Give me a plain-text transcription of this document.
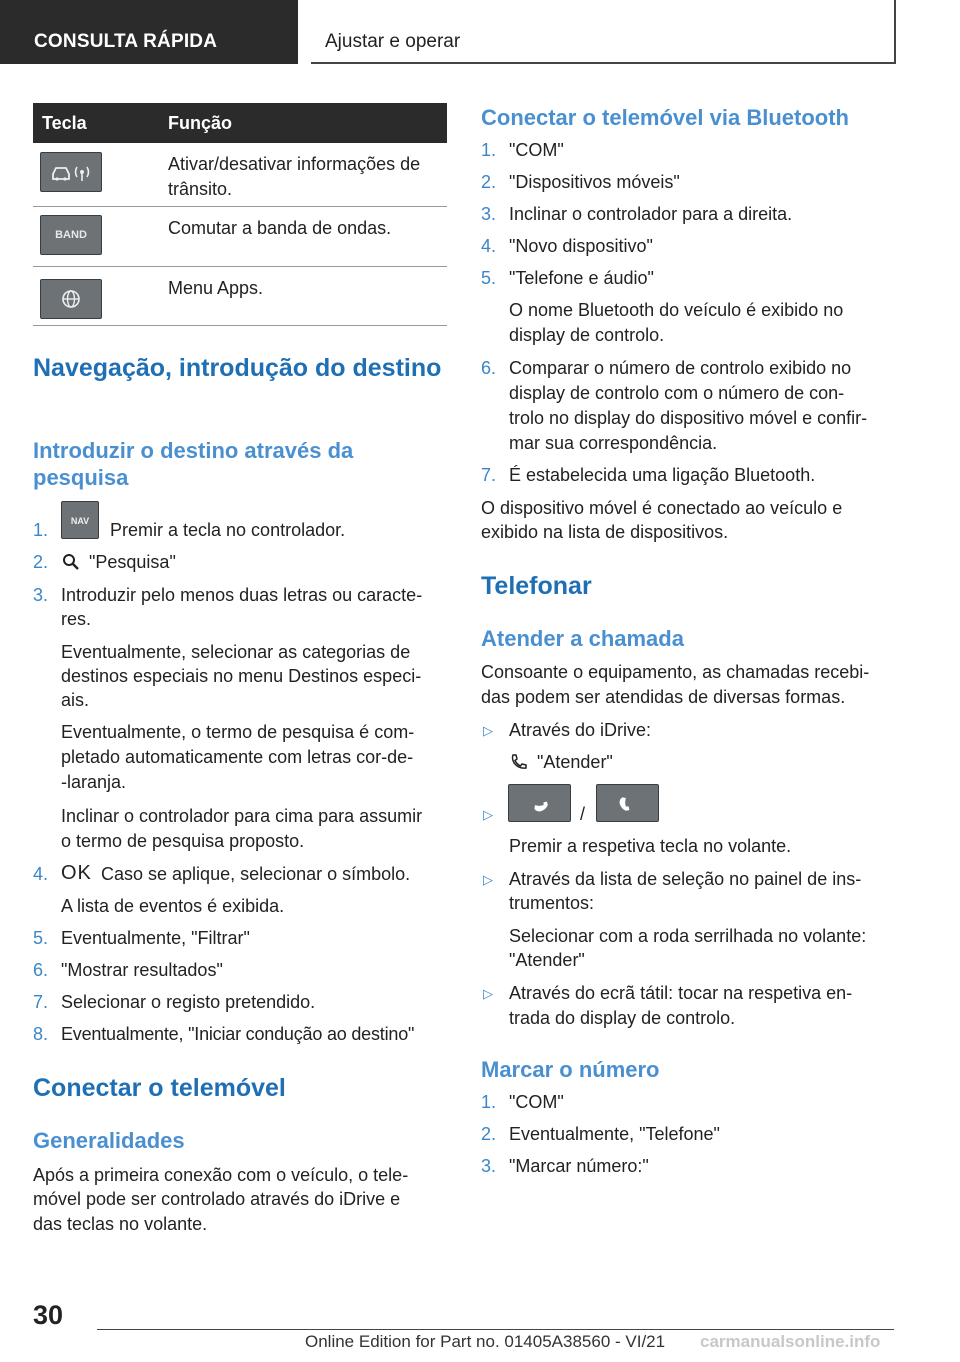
CONSULTA RÁPIDA	Ajustar e operar
Tecla	Função
Ativar/desativar informações de trânsito.
BAND	Comutar a banda de ondas.
Menu Apps.
Navegação, introdução do destino
Introduzir o destino através da pesquisa
1.	NAV	Premir a tecla no controlador.
2. "Pesquisa"
3. Introduzir pelo menos duas letras ou caracte-
res.
Eventualmente, selecionar as categorias de
destinos especiais no menu Destinos especi-
ais.
Eventualmente, o termo de pesquisa é com-
pletado automaticamente com letras cor-de-
-laranja.
Inclinar o controlador para cima para assumir
o termo de pesquisa proposto.
4. OK Caso se aplique, selecionar o símbolo.
A lista de eventos é exibida.
5. Eventualmente, "Filtrar"
6. "Mostrar resultados"
7. Selecionar o registo pretendido.
8. Eventualmente, "Iniciar condução ao destino"
Conectar o telemóvel
Generalidades
Após a primeira conexão com o veículo, o tele-
móvel pode ser controlado através do iDrive e
das teclas no volante.
Conectar o telemóvel via Bluetooth
1. "COM"
2. "Dispositivos móveis"
3. Inclinar o controlador para a direita.
4. "Novo dispositivo"
5. "Telefone e áudio"
O nome Bluetooth do veículo é exibido no
display de controlo.
6. Comparar o número de controlo exibido no
display de controlo com o número de con-
trolo no display do dispositivo móvel e confir-
mar sua correspondência.
7. É estabelecida uma ligação Bluetooth.
O dispositivo móvel é conectado ao veículo e
exibido na lista de dispositivos.
Telefonar
Atender a chamada
Consoante o equipamento, as chamadas recebi-
das podem ser atendidas de diversas formas.
▷ Através do iDrive:
"Atender"
▷	/
Premir a respetiva tecla no volante.
▷ Através da lista de seleção no painel de ins-
trumentos:
Selecionar com a roda serrilhada no volante:
"Atender"
▷ Através do ecrã tátil: tocar na respetiva en-
trada do display de controlo.
Marcar o número
1. "COM"
2. Eventualmente, "Telefone"
3. "Marcar número:"
30
Online Edition for Part no. 01405A38560 - VI/21 carmanualsonline.info
